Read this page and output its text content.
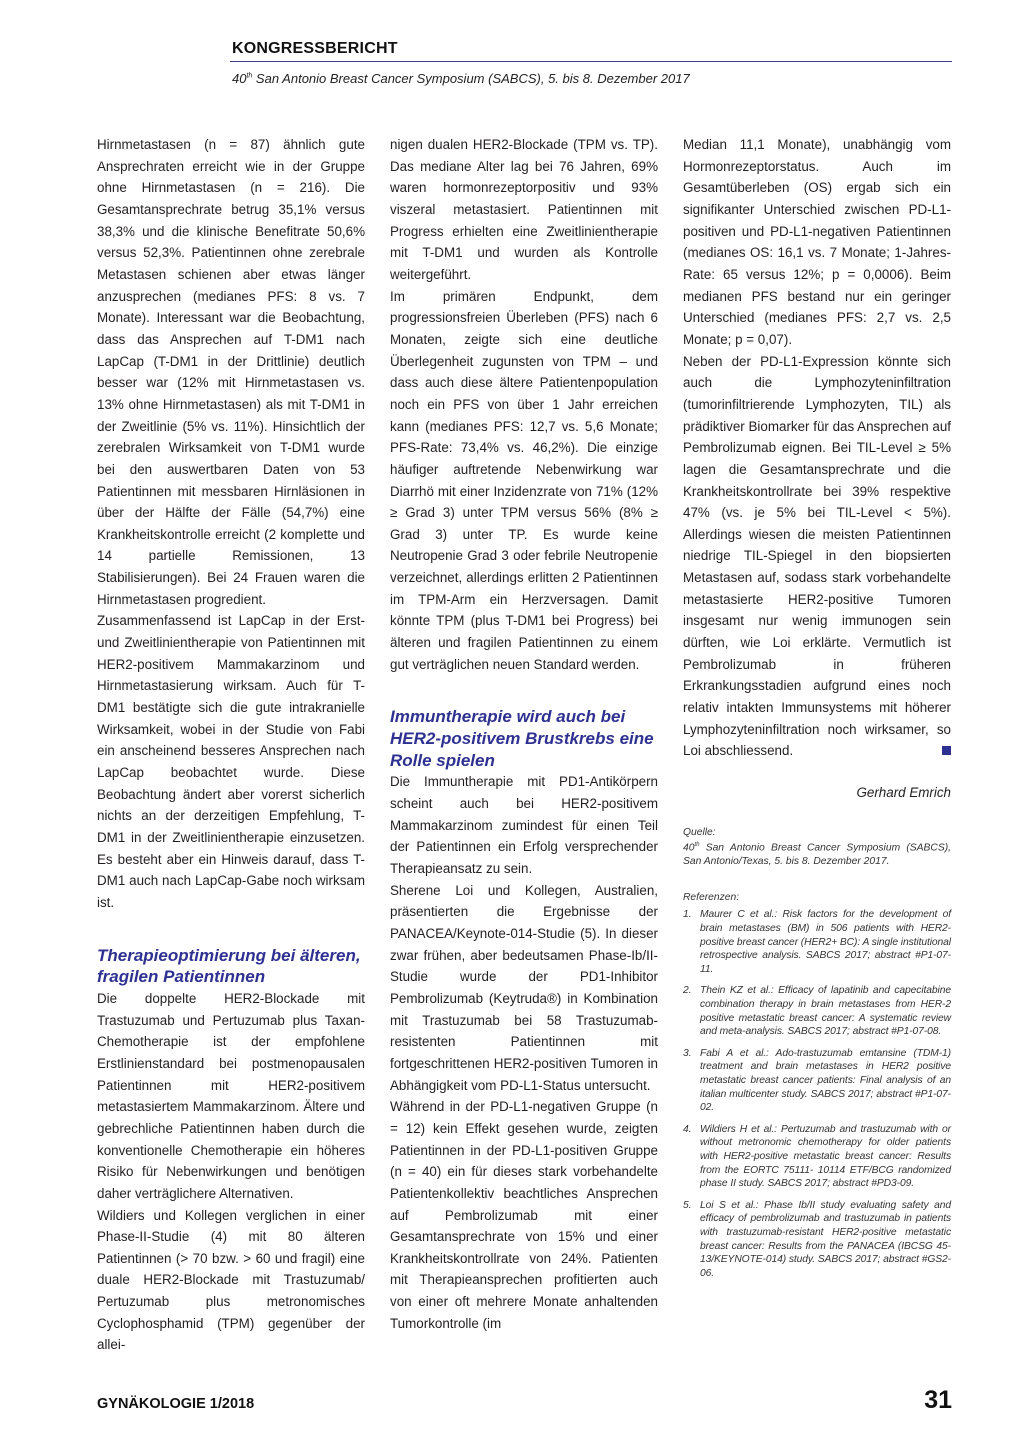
KONGRESSBERICHT
40th San Antonio Breast Cancer Symposium (SABCS), 5. bis 8. Dezember 2017

Hirnmetastasen (n = 87) ähnlich gute Ansprechraten erreicht wie in der Gruppe ohne Hirnmetastasen (n = 216). Die Gesamtansprechrate betrug 35,1% versus 38,3% und die klinische Benefitrate 50,6% versus 52,3%. Patientinnen ohne zerebrale Metastasen schienen aber etwas länger anzusprechen (medianes PFS: 8 vs. 7 Monate). Interessant war die Beobachtung, dass das Ansprechen auf T-DM1 nach LapCap (T-DM1 in der Drittlinie) deutlich besser war (12% mit Hirnmetastasen vs. 13% ohne Hirnmetastasen) als mit T-DM1 in der Zweitlinie (5% vs. 11%). Hinsichtlich der zerebralen Wirksamkeit von T-DM1 wurde bei den auswertbaren Daten von 53 Patientinnen mit messbaren Hirnläsionen in über der Hälfte der Fälle (54,7%) eine Krankheitskontrolle erreicht (2 komplette und 14 partielle Remissionen, 13 Stabilisierungen). Bei 24 Frauen waren die Hirnmetastasen progredient.

Zusammenfassend ist LapCap in der Erst- und Zweitlinientherapie von Patientinnen mit HER2-positivem Mammakarzinom und Hirnmetastasierung wirksam. Auch für T-DM1 bestätigte sich die gute intrakranielle Wirksamkeit, wobei in der Studie von Fabi ein anscheinend besseres Ansprechen nach LapCap beobachtet wurde. Diese Beobachtung ändert aber vorerst sicherlich nichts an der derzeitigen Empfehlung, T-DM1 in der Zweitlinientherapie einzusetzen. Es besteht aber ein Hinweis darauf, dass T-DM1 auch nach LapCap-Gabe noch wirksam ist.

Therapieoptimierung bei älteren, fragilen Patientinnen

Die doppelte HER2-Blockade mit Trastuzumab und Pertuzumab plus Taxan-Chemotherapie ist der empfohlene Erstlinienstandard bei postmenopausalen Patientinnen mit HER2-positivem metastasiertem Mammakarzinom. Ältere und gebrechliche Patientinnen haben durch die konventionelle Chemotherapie ein höheres Risiko für Nebenwirkungen und benötigen daher verträglichere Alternativen.

Wildiers und Kollegen verglichen in einer Phase-II-Studie (4) mit 80 älteren Patientinnen (> 70 bzw. > 60 und fragil) eine duale HER2-Blockade mit Trastuzumab/ Pertuzumab plus metronomisches Cyclophosphamid (TPM) gegenüber der allei-

nigen dualen HER2-Blockade (TPM vs. TP). Das mediane Alter lag bei 76 Jahren, 69% waren hormonrezeptorpositiv und 93% viszeral metastasiert. Patientinnen mit Progress erhielten eine Zweitlinientherapie mit T-DM1 und wurden als Kontrolle weitergeführt.

Im primären Endpunkt, dem progressionsfreien Überleben (PFS) nach 6 Monaten, zeigte sich eine deutliche Überlegenheit zugunsten von TPM – und dass auch diese ältere Patientenpopulation noch ein PFS von über 1 Jahr erreichen kann (medianes PFS: 12,7 vs. 5,6 Monate; PFS-Rate: 73,4% vs. 46,2%). Die einzige häufiger auftretende Nebenwirkung war Diarrhö mit einer Inzidenzrate von 71% (12% ≥ Grad 3) unter TPM versus 56% (8% ≥ Grad 3) unter TP. Es wurde keine Neutropenie Grad 3 oder febrile Neutropenie verzeichnet, allerdings erlitten 2 Patientinnen im TPM-Arm ein Herzversagen. Damit könnte TPM (plus T-DM1 bei Progress) bei älteren und fragilen Patientinnen zu einem gut verträglichen neuen Standard werden.

Immuntherapie wird auch bei HER2-positivem Brustkrebs eine Rolle spielen

Die Immuntherapie mit PD1-Antikörpern scheint auch bei HER2-positivem Mammakarzinom zumindest für einen Teil der Patientinnen ein Erfolg versprechender Therapieansatz zu sein.

Sherene Loi und Kollegen, Australien, präsentierten die Ergebnisse der PANACEA/Keynote-014-Studie (5). In dieser zwar frühen, aber bedeutsamen Phase-Ib/II-Studie wurde der PD1-Inhibitor Pembrolizumab (Keytruda®) in Kombination mit Trastuzumab bei 58 Trastuzumab-resistenten Patientinnen mit fortgeschrittenen HER2-positiven Tumoren in Abhängigkeit vom PD-L1-Status untersucht.

Während in der PD-L1-negativen Gruppe (n = 12) kein Effekt gesehen wurde, zeigten Patientinnen in der PD-L1-positiven Gruppe (n = 40) ein für dieses stark vorbehandelte Patientenkollektiv beachtliches Ansprechen auf Pembrolizumab mit einer Gesamtansprechrate von 15% und einer Krankheitskontrollrate von 24%. Patienten mit Therapieansprechen profitierten auch von einer oft mehrere Monate anhaltenden Tumorkontrolle (im

Median 11,1 Monate), unabhängig vom Hormonrezeptorstatus. Auch im Gesamtüberleben (OS) ergab sich ein signifikanter Unterschied zwischen PD-L1-positiven und PD-L1-negativen Patientinnen (medianes OS: 16,1 vs. 7 Monate; 1-Jahres-Rate: 65 versus 12%; p = 0,0006). Beim medianen PFS bestand nur ein geringer Unterschied (medianes PFS: 2,7 vs. 2,5 Monate; p = 0,07).

Neben der PD-L1-Expression könnte sich auch die Lymphozyteninfiltration (tumorinfiltrierende Lymphozyten, TIL) als prädiktiver Biomarker für das Ansprechen auf Pembrolizumab eignen. Bei TIL-Level ≥ 5% lagen die Gesamtansprechrate und die Krankheitskontrollrate bei 39% respektive 47% (vs. je 5% bei TIL-Level < 5%). Allerdings wiesen die meisten Patientinnen niedrige TIL-Spiegel in den biopsierten Metastasen auf, sodass stark vorbehandelte metastasierte HER2-positive Tumoren insgesamt nur wenig immunogen sein dürften, wie Loi erklärte. Vermutlich ist Pembrolizumab in früheren Erkrankungsstadien aufgrund eines noch relativ intakten Immunsystems mit höherer Lymphozyteninfiltration noch wirksamer, so Loi abschliessend.

Gerhard Emrich
Quelle:
40th San Antonio Breast Cancer Symposium (SABCS), San Antonio/Texas, 5. bis 8. Dezember 2017.
Referenzen:
1. Maurer C et al.: Risk factors for the development of brain metastases (BM) in 506 patients with HER2-positive breast cancer (HER2+ BC): A single institutional retrospective analysis. SABCS 2017; abstract #P1-07-11.
2. Thein KZ et al.: Efficacy of lapatinib and capecitabine combination therapy in brain metastases from HER-2 positive metastatic breast cancer: A systematic review and meta-analysis. SABCS 2017; abstract #P1-07-08.
3. Fabi A et al.: Ado-trastuzumab emtansine (TDM-1) treatment and brain metastases in HER2 positive metastatic breast cancer patients: Final analysis of an italian multicenter study. SABCS 2017; abstract #P1-07-02.
4. Wildiers H et al.: Pertuzumab and trastuzumab with or without metronomic chemotherapy for older patients with HER2-positive metastatic breast cancer: Results from the EORTC 75111- 10114 ETF/BCG randomized phase II study. SABCS 2017; abstract #PD3-09.
5. Loi S et al.: Phase Ib/II study evaluating safety and efficacy of pembrolizumab and trastuzumab in patients with trastuzumab-resistant HER2-positive metastatic breast cancer: Results from the PANACEA (IBCSG 45-13/KEYNOTE-014) study. SABCS 2017; abstract #GS2-06.
GYNÄKOLOGIE 1/2018	31
